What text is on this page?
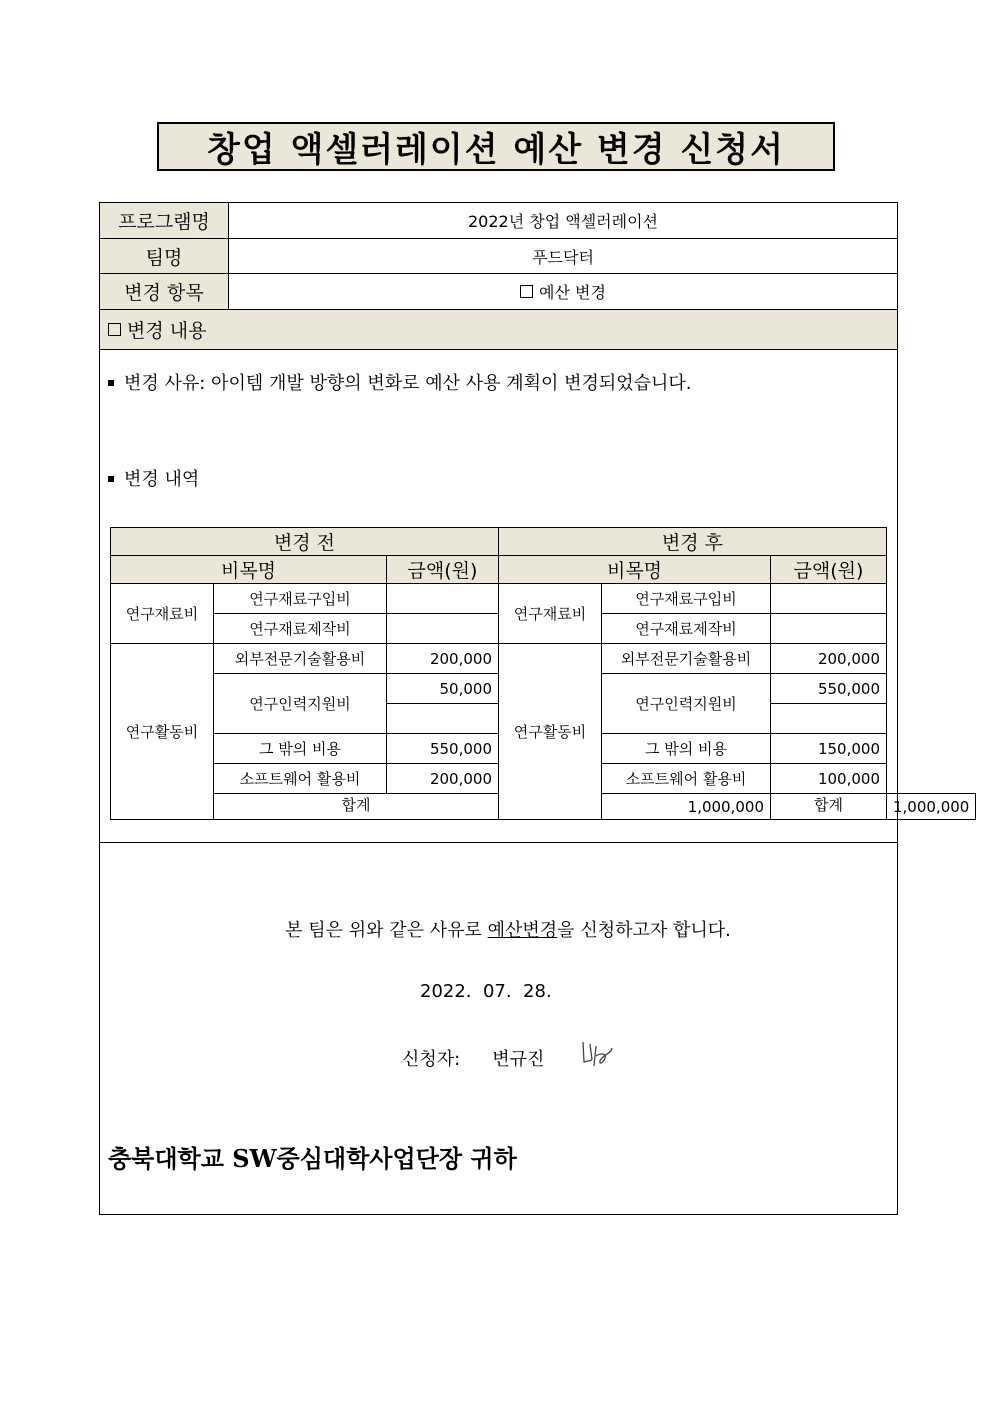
창업 액셀러레이션 예산 변경 신청서
프로그램명	2022년 창업 액셀러레이션
팀명	푸드닥터
변경 항목	예산 변경
변경 내용
변경 사유: 아이템 개발 방향의 변화로 예산 사용 계획이 변경되었습니다.
변경 내역
변경 전			변경 후			
비목명		금액(원)	비목명		금액(원)	
연구재료비	연구재료구입비		연구재료비	연구재료구입비		
	연구재료제작비			연구재료제작비		
연구활동비	외부전문기술활용비	200,000	연구활동비	외부전문기술활용비	200,000	
	연구인력지원비	50,000		연구인력지원비	550,000	

	그 밖의 비용	550,000		그 밖의 비용	150,000	
	소프트웨어 활용비	200,000		소프트웨어 활용비	100,000	
	합계			1,000,000	합계	1,000,000
본 팀은 위와 같은 사유로 예산변경을 신청하고자 합니다.
2022.  07.  28.
신청자: 변규진
충북대학교 SW중심대학사업단장 귀하
